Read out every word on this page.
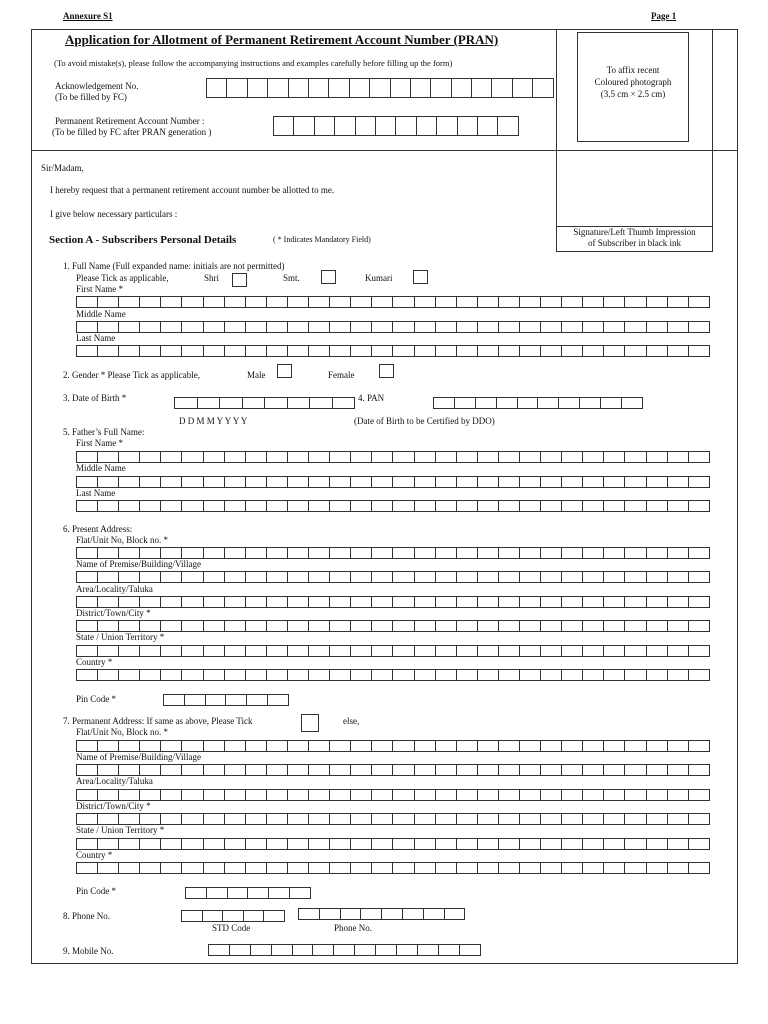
Annexure S1	Page 1
Application for Allotment of Permanent Retirement Account Number (PRAN)
(To avoid mistake(s), please follow the accompanying instructions and examples carefully before filling up the form)
Acknowledgement No.
(To be filled by FC)
Permanent Retirement Account Number :
(To be filled by FC after PRAN generation )
To affix recent
Coloured photograph
(3.5 cm × 2.5 cm)
Signature/Left Thumb Impression
of Subscriber in black ink
Sir/Madam,
I hereby request that a permanent retirement account number be allotted to me.
I give below necessary particulars :
Section A - Subscribers Personal Details	( * Indicates Mandatory Field)
1. Full Name (Full expanded name: initials are not permitted)
Please Tick as applicable,	Shri	Smt.	Kumari
First Name *
Middle Name
Last Name
2. Gender * Please Tick as applicable,	Male	Female
3. Date of Birth *	4. PAN
D D M M Y Y Y Y	(Date of Birth to be Certified by DDO)
5. Father’s Full Name:
First Name *
Middle Name
Last Name
6. Present Address:
Flat/Unit No, Block no. *
Name of Premise/Building/Village
Area/Locality/Taluka
District/Town/City *
State / Union Territory *
Country *
Pin Code *
7. Permanent Address: If same as above, Please Tick	else,
Flat/Unit No, Block no. *
Name of Premise/Building/Village
Area/Locality/Taluka
District/Town/City *
State / Union Territory *
Country *
Pin Code *
8. Phone No.
STD Code	Phone No.
9. Mobile No.
